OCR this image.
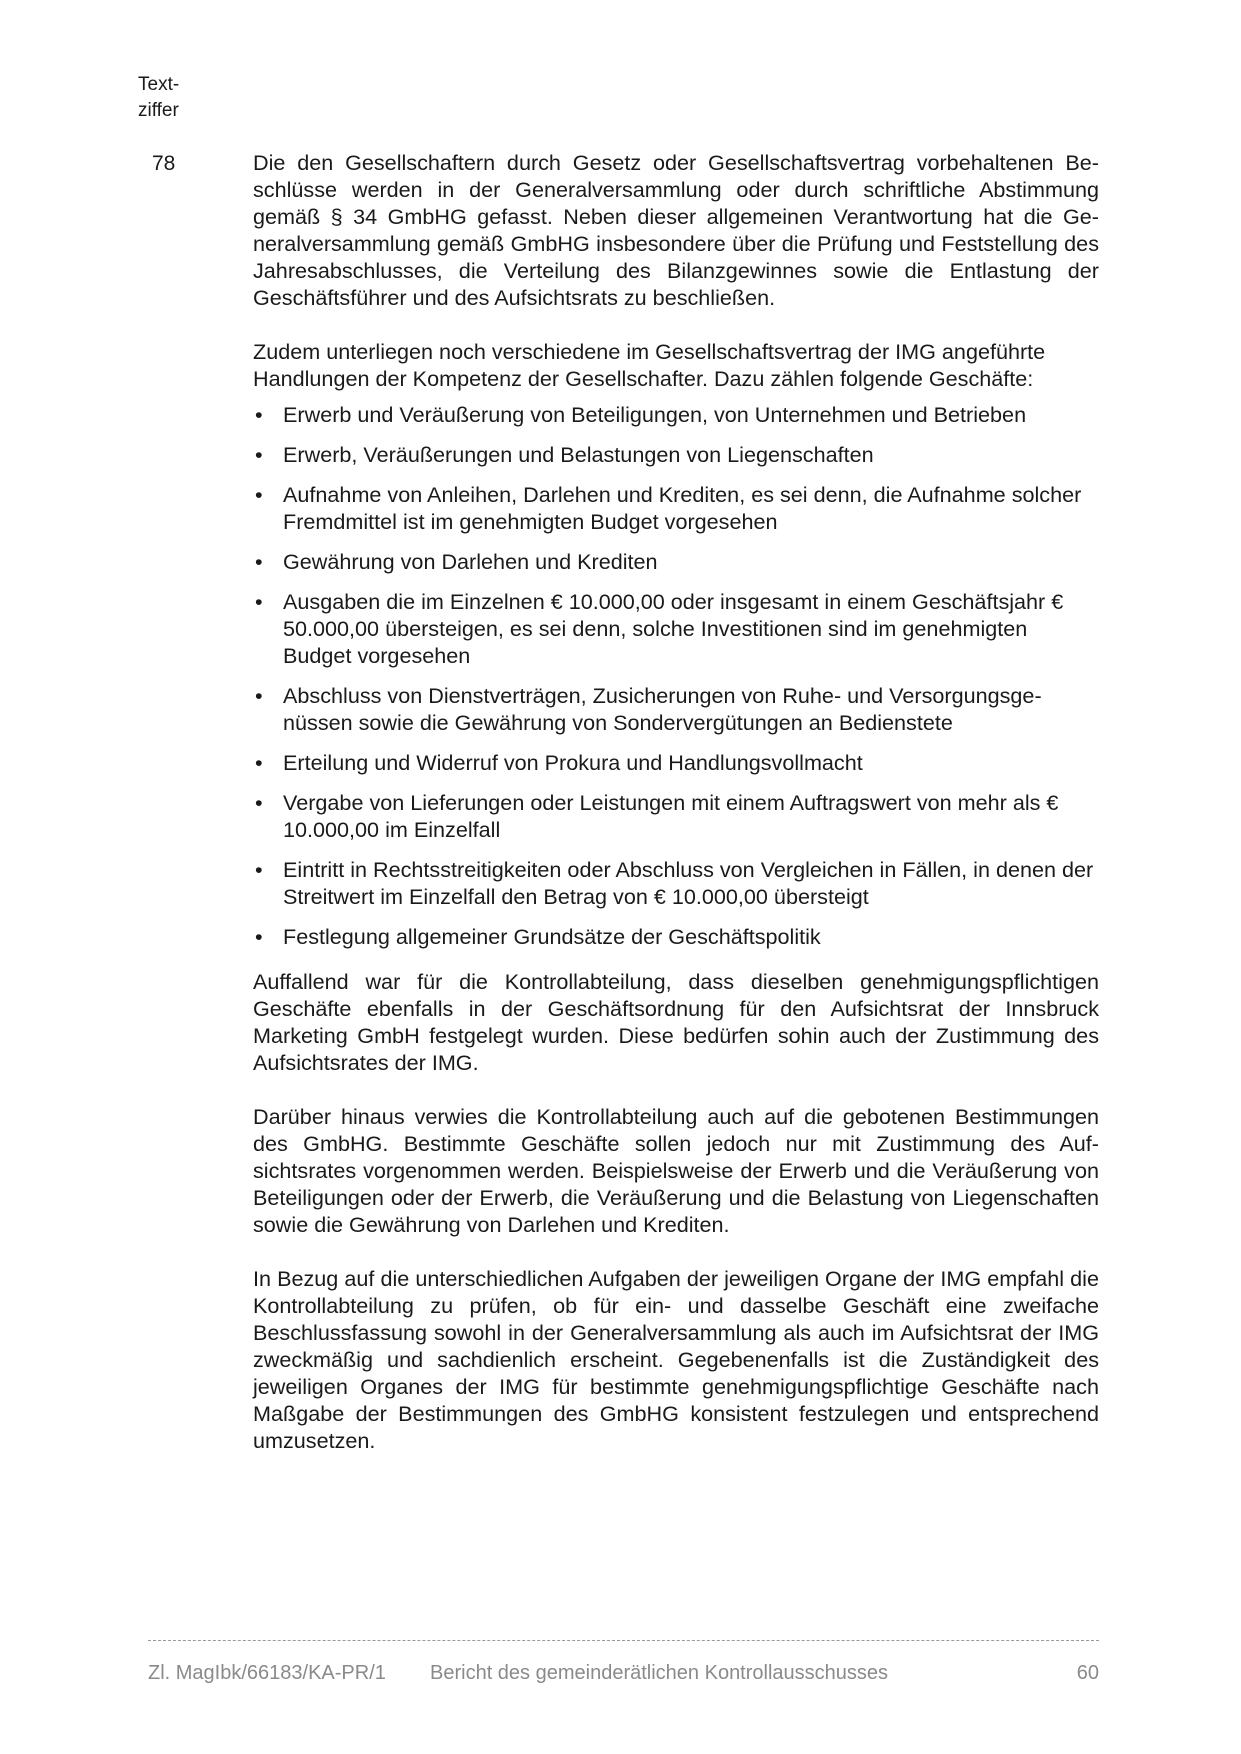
Text-
ziffer
78	Die den Gesellschaftern durch Gesetz oder Gesellschaftsvertrag vorbehaltenen Beschlüsse werden in der Generalversammlung oder durch schriftliche Abstimmung gemäß § 34 GmbHG gefasst. Neben dieser allgemeinen Verantwortung hat die Generalversammlung gemäß GmbHG insbesondere über die Prüfung und Feststellung des Jahresabschlusses, die Verteilung des Bilanzgewinnes sowie die Entlastung der Geschäftsführer und des Aufsichtsrats zu beschließen.

Zudem unterliegen noch verschiedene im Gesellschaftsvertrag der IMG angeführte Handlungen der Kompetenz der Gesellschafter. Dazu zählen folgende Geschäfte:

• Erwerb und Veräußerung von Beteiligungen, von Unternehmen und Betrieben
• Erwerb, Veräußerungen und Belastungen von Liegenschaften
• Aufnahme von Anleihen, Darlehen und Krediten, es sei denn, die Aufnahme solcher Fremdmittel ist im genehmigten Budget vorgesehen
• Gewährung von Darlehen und Krediten
• Ausgaben die im Einzelnen € 10.000,00 oder insgesamt in einem Geschäftsjahr € 50.000,00 übersteigen, es sei denn, solche Investitionen sind im genehmigten Budget vorgesehen
• Abschluss von Dienstverträgen, Zusicherungen von Ruhe- und Versorgungsgenüssen sowie die Gewährung von Sondervergütungen an Bedienstete
• Erteilung und Widerruf von Prokura und Handlungsvollmacht
• Vergabe von Lieferungen oder Leistungen mit einem Auftragswert von mehr als € 10.000,00 im Einzelfall
• Eintritt in Rechtsstreitigkeiten oder Abschluss von Vergleichen in Fällen, in denen der Streitwert im Einzelfall den Betrag von € 10.000,00 übersteigt
• Festlegung allgemeiner Grundsätze der Geschäftspolitik

Auffallend war für die Kontrollabteilung, dass dieselben genehmigungspflichtigen Geschäfte ebenfalls in der Geschäftsordnung für den Aufsichtsrat der Innsbruck Marketing GmbH festgelegt wurden. Diese bedürfen sohin auch der Zustimmung des Aufsichtsrates der IMG.

Darüber hinaus verwies die Kontrollabteilung auch auf die gebotenen Bestimmungen des GmbHG. Bestimmte Geschäfte sollen jedoch nur mit Zustimmung des Aufsichtsrates vorgenommen werden. Beispielsweise der Erwerb und die Veräußerung von Beteiligungen oder der Erwerb, die Veräußerung und die Belastung von Liegenschaften sowie die Gewährung von Darlehen und Krediten.

In Bezug auf die unterschiedlichen Aufgaben der jeweiligen Organe der IMG empfahl die Kontrollabteilung zu prüfen, ob für ein- und dasselbe Geschäft eine zweifache Beschlussfassung sowohl in der Generalversammlung als auch im Aufsichtsrat der IMG zweckmäßig und sachdienlich erscheint. Gegebenenfalls ist die Zuständigkeit des jeweiligen Organes der IMG für bestimmte genehmigungspflichtige Geschäfte nach Maßgabe der Bestimmungen des GmbHG konsistent festzulegen und entsprechend umzusetzen.

Zl. MagIbk/66183/KA-PR/1 Bericht des gemeinderätlichen Kontrollausschusses	60
